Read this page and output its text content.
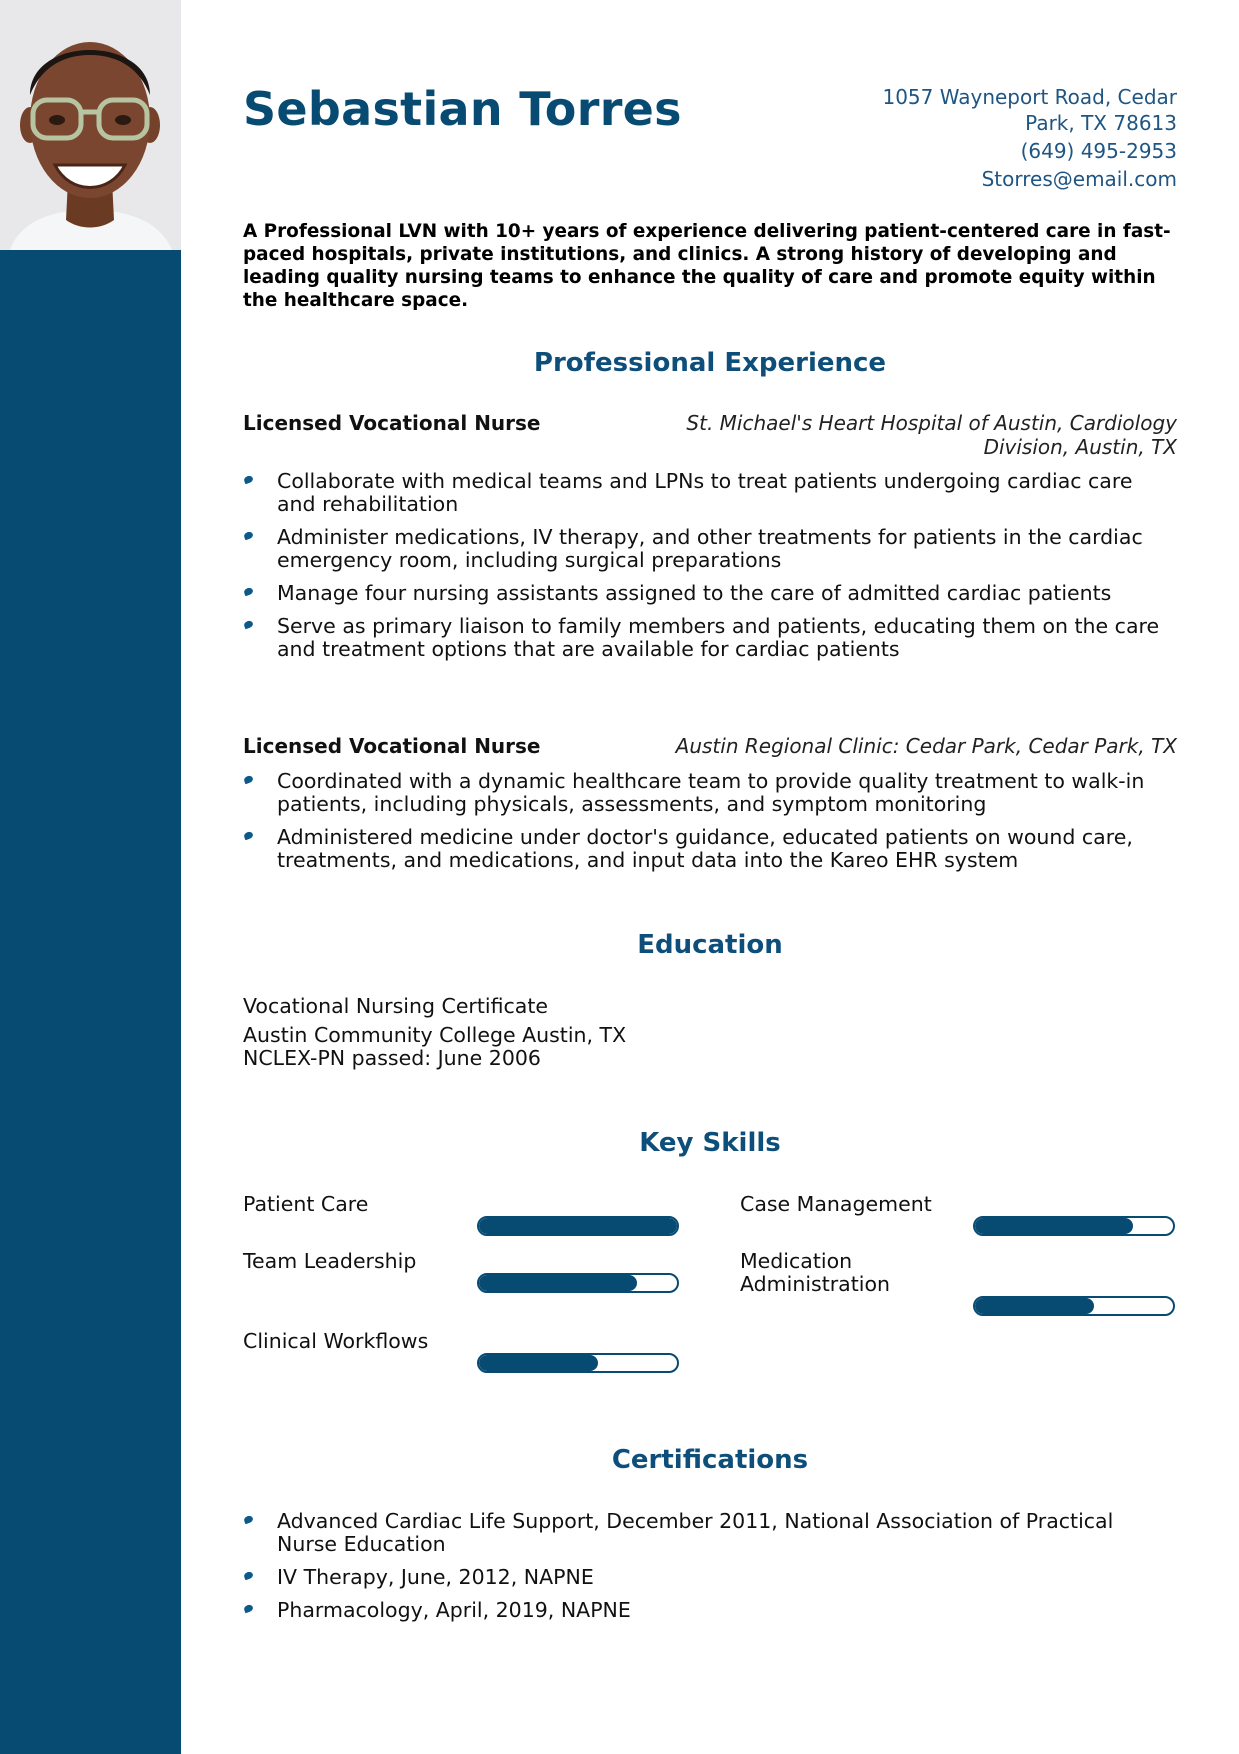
Sebastian Torres	1057 Wayneport Road, Cedar Park, TX 78613
(649) 495-2953
Storres@email.com
A Professional LVN with 10+ years of experience delivering patient-centered care in fast-paced hospitals, private institutions, and clinics. A strong history of developing and leading quality nursing teams to enhance the quality of care and promote equity within the healthcare space.
Professional Experience
Licensed Vocational Nurse	St. Michael's Heart Hospital of Austin, Cardiology Division, Austin, TX
Collaborate with medical teams and LPNs to treat patients undergoing cardiac care and rehabilitation
Administer medications, IV therapy, and other treatments for patients in the cardiac emergency room, including surgical preparations
Manage four nursing assistants assigned to the care of admitted cardiac patients
Serve as primary liaison to family members and patients, educating them on the care and treatment options that are available for cardiac patients
Licensed Vocational Nurse	Austin Regional Clinic: Cedar Park, Cedar Park, TX
Coordinated with a dynamic healthcare team to provide quality treatment to walk-in patients, including physicals, assessments, and symptom monitoring
Administered medicine under doctor's guidance, educated patients on wound care, treatments, and medications, and input data into the Kareo EHR system
Education
Vocational Nursing Certificate
Austin Community College Austin, TX
NCLEX-PN passed: June 2006
Key Skills
Patient Care	Case Management
Team Leadership	Medication Administration
Clinical Workflows
Certifications
Advanced Cardiac Life Support, December 2011, National Association of Practical Nurse Education
IV Therapy, June, 2012, NAPNE
Pharmacology, April, 2019, NAPNE
